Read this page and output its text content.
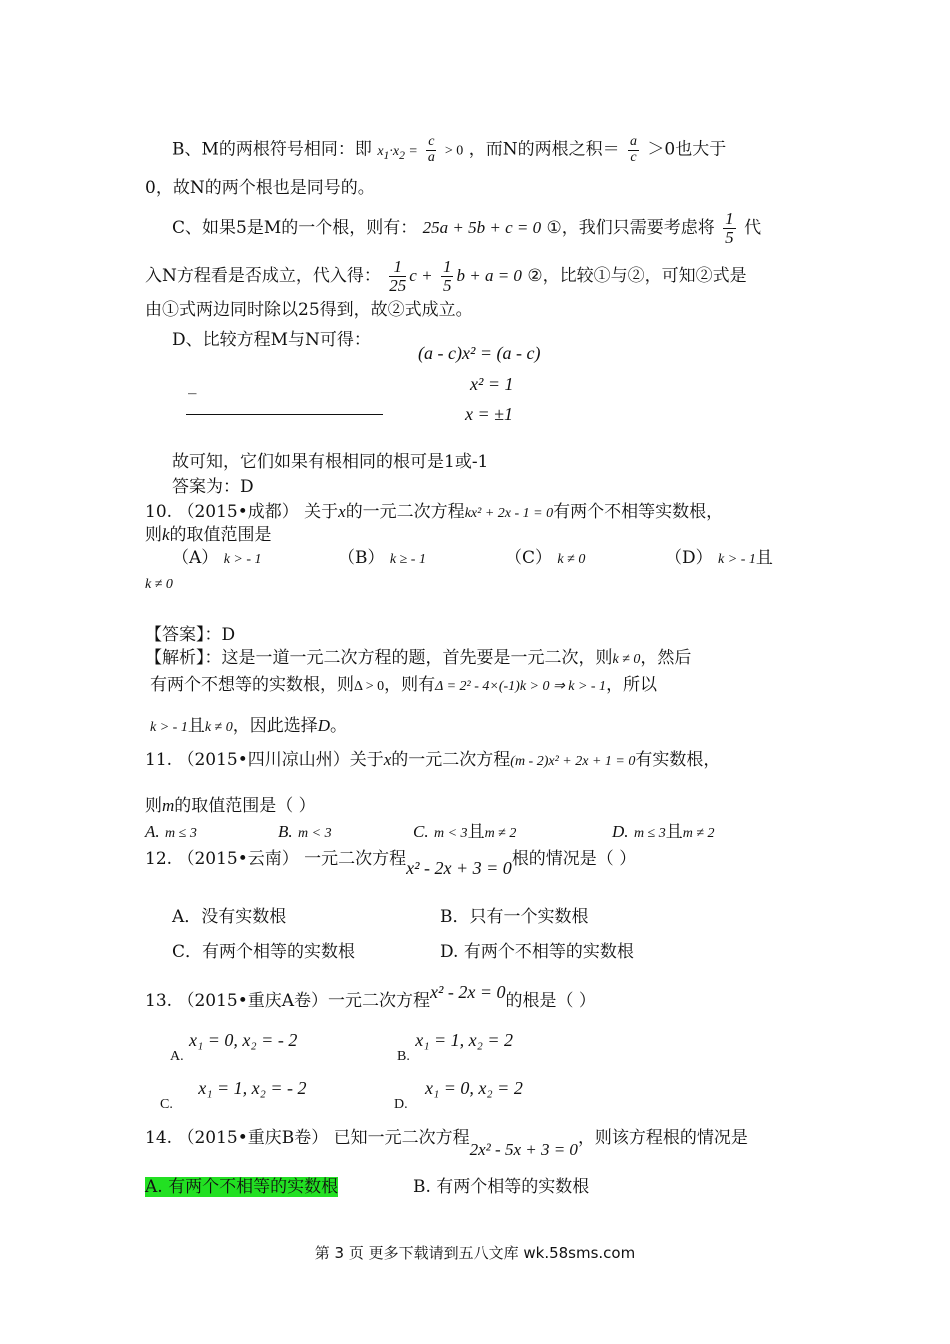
B、M的两根符号相同：即 $x_1\cdot x_2 = \frac{c}{a} > 0$ ，而N的两根之积＝ $\frac{a}{c} >0$也大于
0，故N的两个根也是同号的。
C、如果5是M的一个根，则有： 25a + 5b + c = 0 ①，我们只需要考虑将 $\frac{1}{5}$ 代
入N方程看是否成立，代入得： $\frac{1}{25}$ $c + \frac{1}{5}$ b + a = 0 ②，比较①与②，可知②式是
由①式两边同时除以25得到，故②式成立。
D、比较方程M与N可得：
(a - c)x² = (a - c)
_	x² = 1
x = ±1
故可知，它们如果有根相同的根可是1或-1
答案为：D
10. （2015•成都） 关于x的一元二次方程kx² + 2x - 1 = 0有两个不相等实数根，
则k的取值范围是
（A） k > - 1	（B） k ≥ - 1	（C） k ≠ 0	（D） k > - 1且
k ≠ 0
【答案】：D
【解析】：这是一道一元二次方程的题，首先要是一元二次，则k ≠ 0，然后
有两个不想等的实数根，则Δ > 0，则有Δ = 2² - 4×(-1)k > 0 ⇒ k > - 1，所以
k > - 1且k ≠ 0，因此选择D。
11. （2015•四川凉山州）关于x的一元二次方程(m - 2)x² + 2x + 1 = 0有实数根，
则m的取值范围是（ ）
A. m ≤ 3	B. m < 3	C. m < 3且m ≠ 2	D. m ≤ 3且m ≠ 2
12. （2015•云南） 一元二次方程x² - 2x + 3 = 0根的情况是（ ）
A．没有实数根	B．只有一个实数根
C．有两个相等的实数根	D. 有两个不相等的实数根
13. （2015•重庆A卷）一元二次方程x² - 2x = 0的根是（ ）
$_{A.}$ x₁ = 0, x₂ = - 2
$_{B.}$ x₁ = 1, x₂ = 2
$_{C.}$ x₁ = 1, x₂ = - 2
$_{D.}$ x₁ = 0, x₂ = 2
14. （2015•重庆B卷） 已知一元二次方程2x² - 5x + 3 = 0，则该方程根的情况是
A. 有两个不相等的实数根	B. 有两个相等的实数根
第 3 页 更多下载请到五八文库 wk.58sms.com
